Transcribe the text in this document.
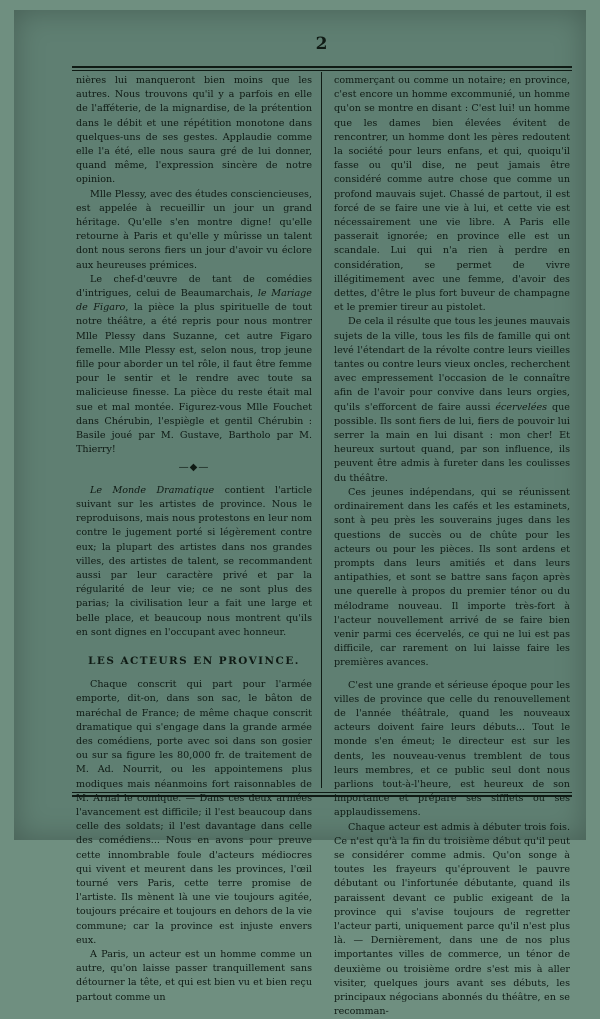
2

nières lui manqueront bien moins que les autres. Nous trouvons qu'il y a parfois en elle de l'afféterie, de la mignardise, de la prétention dans le débit et une répétition monotone dans quelques-uns de ses gestes. Applaudie comme elle l'a été, elle nous saura gré de lui donner, quand même, l'expression sincère de notre opinion.

Mlle Plessy, avec des études consciencieuses, est appelée à recueillir un jour un grand héritage. Qu'elle s'en montre digne! qu'elle retourne à Paris et qu'elle y mûrisse un talent dont nous serons fiers un jour d'avoir vu éclore aux heureuses prémices.

Le chef-d'œuvre de tant de comédies d'intrigues, celui de Beaumarchais, le Mariage de Figaro, la pièce la plus spirituelle de tout notre théâtre, a été repris pour nous montrer Mlle Plessy dans Suzanne, cet autre Figaro femelle. Mlle Plessy est, selon nous, trop jeune fille pour aborder un tel rôle, il faut être femme pour le sentir et le rendre avec toute sa malicieuse finesse. La pièce du reste était mal sue et mal montée. Figurez-vous Mlle Fouchet dans Chérubin, l'espiègle et gentil Chérubin : Basile joué par M. Gustave, Bartholo par M. Thierry!

—◆—

Le Monde Dramatique contient l'article suivant sur les artistes de province. Nous le reproduisons, mais nous protestons en leur nom contre le jugement porté si légèrement contre eux; la plupart des artistes dans nos grandes villes, des artistes de talent, se recommandent aussi par leur caractère privé et par la régularité de leur vie; ce ne sont plus des parias; la civilisation leur a fait une large et belle place, et beaucoup nous montrent qu'ils en sont dignes en l'occupant avec honneur.

LES ACTEURS EN PROVINCE.

Chaque conscrit qui part pour l'armée emporte, dit-on, dans son sac, le bâton de maréchal de France; de même chaque conscrit dramatique qui s'engage dans la grande armée des comédiens, porte avec soi dans son gosier ou sur sa figure les 80,000 fr. de traitement de M. Ad. Nourrit, ou les appointemens plus modiques mais néanmoins fort raisonnables de M. Arnal le comique. — Dans ces deux armées l'avancement est difficile; il l'est beaucoup dans celle des soldats; il l'est davantage dans celle des comédiens... Nous en avons pour preuve cette innombrable foule d'acteurs médiocres qui vivent et meurent dans les provinces, l'œil tourné vers Paris, cette terre promise de l'artiste. Ils mènent là une vie toujours agitée, toujours précaire et toujours en dehors de la vie commune; car la province est injuste envers eux.

A Paris, un acteur est un homme comme un autre, qu'on laisse passer tranquillement sans détourner la tête, et qui est bien vu et bien reçu partout comme un

commerçant ou comme un notaire; en province, c'est encore un homme excommunié, un homme qu'on se montre en disant : C'est lui! un homme que les dames bien élevées évitent de rencontrer, un homme dont les pères redoutent la société pour leurs enfans, et qui, quoiqu'il fasse ou qu'il dise, ne peut jamais être considéré comme autre chose que comme un profond mauvais sujet. Chassé de partout, il est forcé de se faire une vie à lui, et cette vie est nécessairement une vie libre. A Paris elle passerait ignorée; en province elle est un scandale. Lui qui n'a rien à perdre en considération, se permet de vivre illégitimement avec une femme, d'avoir des dettes, d'être le plus fort buveur de champagne et le premier tireur au pistolet.

De cela il résulte que tous les jeunes mauvais sujets de la ville, tous les fils de famille qui ont levé l'étendart de la révolte contre leurs vieilles tantes ou contre leurs vieux oncles, recherchent avec empressement l'occasion de le connaître afin de l'avoir pour convive dans leurs orgies, qu'ils s'efforcent de faire aussi écervelées que possible. Ils sont fiers de lui, fiers de pouvoir lui serrer la main en lui disant : mon cher! Et heureux surtout quand, par son influence, ils peuvent être admis à fureter dans les coulisses du théâtre.

Ces jeunes indépendans, qui se réunissent ordinairement dans les cafés et les estaminets, sont à peu près les souverains juges dans les questions de succès ou de chûte pour les acteurs ou pour les pièces. Ils sont ardens et prompts dans leurs amitiés et dans leurs antipathies, et sont se battre sans façon après une querelle à propos du premier ténor ou du mélodrame nouveau. Il importe très-fort à l'acteur nouvellement arrivé de se faire bien venir parmi ces écervelés, ce qui ne lui est pas difficile, car rarement on lui laisse faire les premières avances.

C'est une grande et sérieuse époque pour les villes de province que celle du renouvellement de l'année théâtrale, quand les nouveaux acteurs doivent faire leurs débuts... Tout le monde s'en émeut; le directeur est sur les dents, les nouveau-venus tremblent de tous leurs membres, et ce public seul dont nous parlions tout-à-l'heure, est heureux de son importance et prépare ses sifflets ou ses applaudissemens.

Chaque acteur est admis à débuter trois fois. Ce n'est qu'à la fin du troisième début qu'il peut se considérer comme admis. Qu'on songe à toutes les frayeurs qu'éprouvent le pauvre débutant ou l'infortunée débutante, quand ils paraissent devant ce public exigeant de la province qui s'avise toujours de regretter l'acteur parti, uniquement parce qu'il n'est plus là. — Dernièrement, dans une de nos plus importantes villes de commerce, un ténor de deuxième ou troisième ordre s'est mis à aller visiter, quelques jours avant ses débuts, les principaux négocians abonnés du théâtre, en se recomman-
